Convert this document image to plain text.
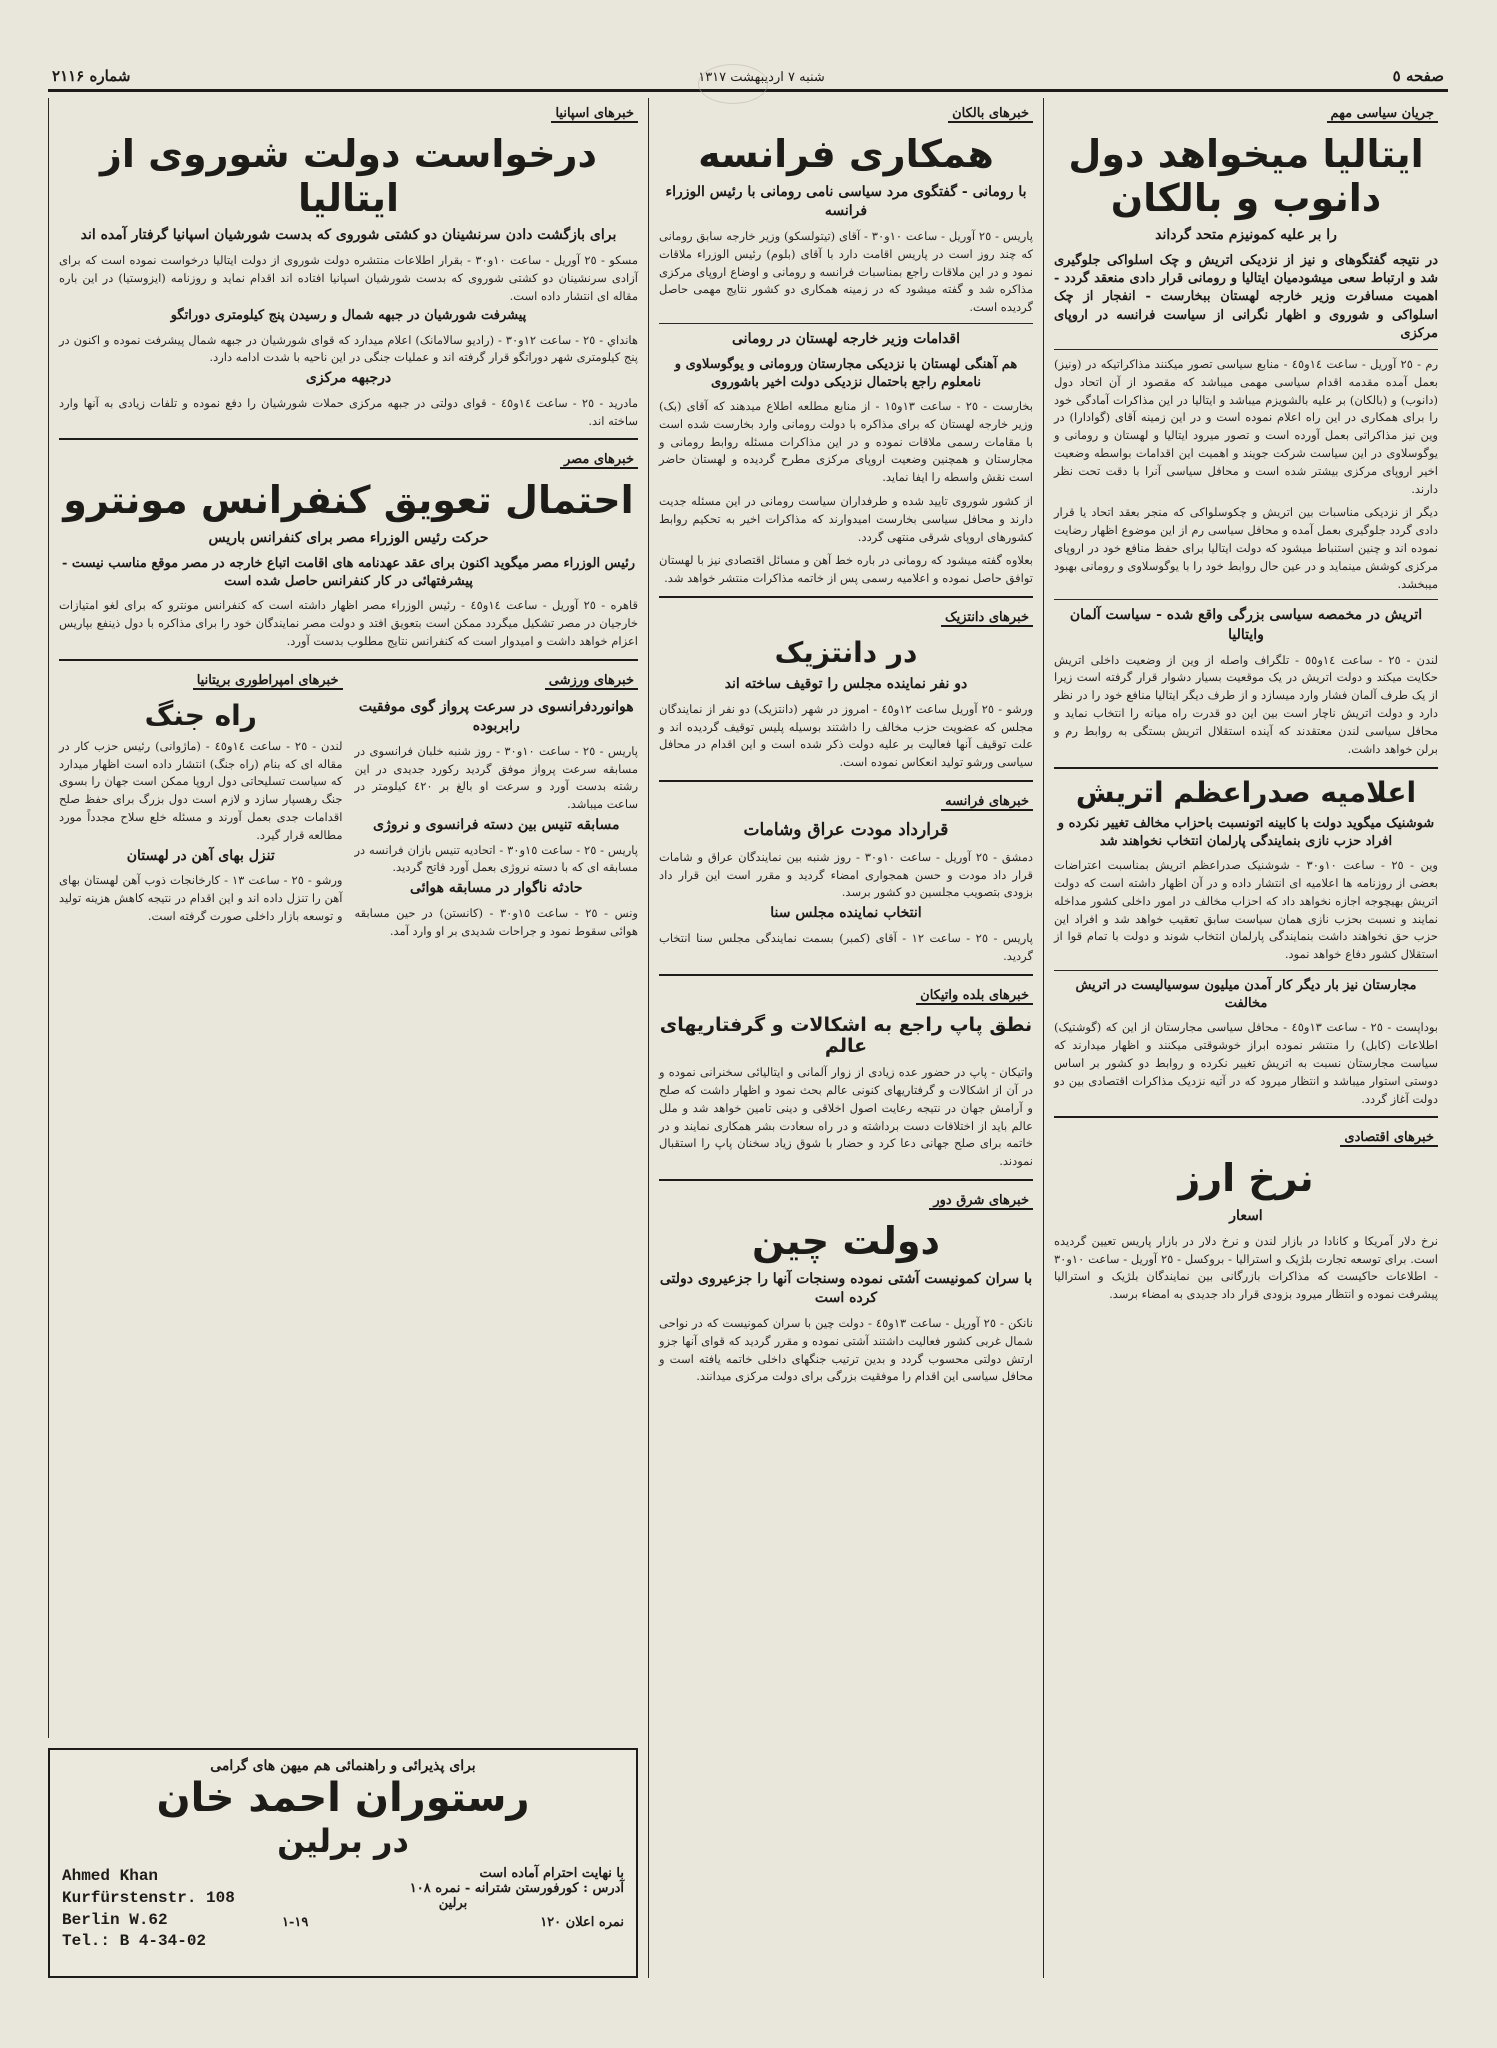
صفحه ٥
شنبه ۷ اردیبهشت ۱۳۱۷
شماره ۲۱۱۶
جریان سیاسی مهم
ایتالیا میخواهد دول دانوب و بالکان
را بر علیه کمونیزم متحد گرداند
در نتیجه گفتگوهای و نیز از نزدیکی اتریش و چک اسلواکی جلوگیری شد و ارتباط سعی میشودمیان ایتالیا و رومانی قرار دادی منعقد گردد - اهمیت مسافرت وزیر خارجه لهستان ببخارست - انفجار از چک اسلواکی و شوروی و اظهار نگرانی از سیاست فرانسه در اروپای مرکزی
رم - ٢٥ آوریل - ساعت ١٤و٤٥ - منابع سیاسی تصور میکنند مذاکراتیکه در (ونیز) بعمل آمده مقدمه اقدام سیاسی مهمی میباشد که مقصود از آن اتحاد دول (دانوب) و (بالکان) بر علیه بالشویزم میباشد و ایتالیا در این مذاکرات آمادگی خود را برای همکاری در این راه اعلام نموده است و در این زمینه آقای (گوادارا) در وین نیز مذاکراتی بعمل آورده است و تصور میرود ایتالیا و لهستان و رومانی و یوگوسلاوی در این سیاست شرکت جویند و اهمیت این اقدامات بواسطه وضعیت اخیر اروپای مرکزی بیشتر شده است و محافل سیاسی آنرا با دقت تحت نظر دارند.
دیگر از نزدیکی مناسبات بین اتریش و چکوسلواکی که منجر بعقد اتحاد یا قرار دادی گردد جلوگیری بعمل آمده و محافل سیاسی رم از این موضوع اظهار رضایت نموده اند و چنین استنباط میشود که دولت ایتالیا برای حفظ منافع خود در اروپای مرکزی کوشش مینماید و در عین حال روابط خود را با یوگوسلاوی و رومانی بهبود میبخشد.
اتریش در مخمصه سیاسی بزرگی واقع شده - سیاست آلمان وایتالیا
لندن - ٢٥ - ساعت ١٤و٥٥ - تلگراف واصله از وین از وضعیت داخلی اتریش حکایت میکند و دولت اتریش در یک موقعیت بسیار دشوار قرار گرفته است زیرا از یک طرف آلمان فشار وارد میسازد و از طرف دیگر ایتالیا منافع خود را در نظر دارد و دولت اتریش ناچار است بین این دو قدرت راه میانه را انتخاب نماید و محافل سیاسی لندن معتقدند که آینده استقلال اتریش بستگی به روابط رم و برلن خواهد داشت.
اعلامیه صدراعظم اتریش
شوشنیک میگوید دولت با کابینه اتونسبت باحزاب مخالف تغییر نکرده و افراد حزب نازی بنمایندگی پارلمان انتخاب نخواهند شد
وین - ٢٥ - ساعت ١٠و٣٠ - شوشنیک صدراعظم اتریش بمناسبت اعتراضات بعضی از روزنامه ها اعلامیه ای انتشار داده و در آن اظهار داشته است که دولت اتریش بهیچوجه اجازه نخواهد داد که احزاب مخالف در امور داخلی کشور مداخله نمایند و نسبت بحزب نازی همان سیاست سابق تعقیب خواهد شد و افراد این حزب حق نخواهند داشت بنمایندگی پارلمان انتخاب شوند و دولت با تمام قوا از استقلال کشور دفاع خواهد نمود.
مجارستان نیز بار دیگر کار آمدن میلیون سوسیالیست در اتریش مخالفت
بوداپست - ٢٥ - ساعت ١٣و٤٥ - محافل سیاسی مجارستان از این که (گوشتیک) اطلاعات (کابل) را منتشر نموده ابراز خوشوقتی میکنند و اظهار میدارند که سیاست مجارستان نسبت به اتریش تغییر نکرده و روابط دو کشور بر اساس دوستی استوار میباشد و انتظار میرود که در آتیه نزدیک مذاکرات اقتصادی بین دو دولت آغاز گردد.
خبرهای اقتصادی
نرخ ارز
اسعار
نرخ دلار آمریکا و کانادا در بازار لندن و نرخ دلار در بازار پاریس تعیین گردیده است. برای توسعه تجارت بلژیک و استرالیا - بروکسل - ٢٥ آوریل - ساعت ١٠و٣٠ - اطلاعات حاکیست که مذاکرات بازرگانی بین نمایندگان بلژیک و استرالیا پیشرفت نموده و انتظار میرود بزودی قرار داد جدیدی به امضاء برسد.
خبرهای بالکان
همکاری فرانسه
با رومانی - گفتگوی مرد سیاسی نامی رومانی با رئیس الوزراء فرانسه
پاریس - ٢٥ آوریل - ساعت ١٠و٣٠ - آقای (تیتولسکو) وزیر خارجه سابق رومانی که چند روز است در پاریس اقامت دارد با آقای (بلوم) رئیس الوزراء ملاقات نمود و در این ملاقات راجع بمناسبات فرانسه و رومانی و اوضاع اروپای مرکزی مذاکره شد و گفته میشود که در زمینه همکاری دو کشور نتایج مهمی حاصل گردیده است.
اقدامات وزیر خارجه لهستان در رومانی
هم آهنگی لهستان با نزدیکی مجارستان ورومانی و یوگوسلاوی و نامعلوم راجع باحتمال نزدیکی دولت اخیر باشوروی
بخارست - ٢٥ - ساعت ١٣و١٥ - از منابع مطلعه اطلاع میدهند که آقای (بک) وزیر خارجه لهستان که برای مذاکره با دولت رومانی وارد بخارست شده است با مقامات رسمی ملاقات نموده و در این مذاکرات مسئله روابط رومانی و مجارستان و همچنین وضعیت اروپای مرکزی مطرح گردیده و لهستان حاضر است نقش واسطه را ایفا نماید.
از کشور شوروی تایید شده و طرفداران سیاست رومانی در این مسئله جدیت دارند و محافل سیاسی بخارست امیدوارند که مذاکرات اخیر به تحکیم روابط کشورهای اروپای شرقی منتهی گردد.
بعلاوه گفته میشود که رومانی در باره خط آهن و مسائل اقتصادی نیز با لهستان توافق حاصل نموده و اعلامیه رسمی پس از خاتمه مذاکرات منتشر خواهد شد.
خبرهای دانتزیک
در دانتزیک
دو نفر نماینده مجلس را توقیف ساخته اند
ورشو - ٢٥ آوریل ساعت ١٢و٤٥ - امروز در شهر (دانتزیک) دو نفر از نمایندگان مجلس که عضویت حزب مخالف را داشتند بوسیله پلیس توقیف گردیده اند و علت توقیف آنها فعالیت بر علیه دولت ذکر شده است و این اقدام در محافل سیاسی ورشو تولید انعکاس نموده است.
خبرهای فرانسه
قرارداد مودت عراق وشامات
دمشق - ٢٥ آوریل - ساعت ١٠و٣٠ - روز شنبه بین نمایندگان عراق و شامات قرار داد مودت و حسن همجواری امضاء گردید و مقرر است این قرار داد بزودی بتصویب مجلسین دو کشور برسد.
انتخاب نماینده مجلس سنا
پاریس - ٢٥ - ساعت ١٢ - آقای (کمبر) بسمت نمایندگی مجلس سنا انتخاب گردید.
خبرهای بلده واتیکان
نطق پاپ راجع به اشکالات و گرفتاریهای عالم
واتیکان - پاپ در حضور عده زیادی از زوار آلمانی و ایتالیائی سخنرانی نموده و در آن از اشکالات و گرفتاریهای کنونی عالم بحث نمود و اظهار داشت که صلح و آرامش جهان در نتیجه رعایت اصول اخلاقی و دینی تامین خواهد شد و ملل عالم باید از اختلافات دست برداشته و در راه سعادت بشر همکاری نمایند و در خاتمه برای صلح جهانی دعا کرد و حضار با شوق زیاد سخنان پاپ را استقبال نمودند.
خبرهای شرق دور
دولت چین
با سران کمونیست آشتی نموده وسنجات آنها را جزعیروی دولتی کرده است
نانکن - ٢٥ آوریل - ساعت ١٣و٤٥ - دولت چین با سران کمونیست که در نواحی شمال غربی کشور فعالیت داشتند آشتی نموده و مقرر گردید که قوای آنها جزو ارتش دولتی محسوب گردد و بدین ترتیب جنگهای داخلی خاتمه یافته است و محافل سیاسی این اقدام را موفقیت بزرگی برای دولت مرکزی میدانند.
خبرهای اسپانیا
درخواست دولت شوروی از ایتالیا
برای بازگشت دادن سرنشینان دو کشتی شوروی که بدست شورشیان اسپانیا گرفتار آمده اند
مسکو - ٢٥ آوریل - ساعت ١٠و٣٠ - بقرار اطلاعات منتشره دولت شوروی از دولت ایتالیا درخواست نموده است که برای آزادی سرنشینان دو کشتی شوروی که بدست شورشیان اسپانیا افتاده اند اقدام نماید و روزنامه (ایزوستیا) در این باره مقاله ای انتشار داده است.
پیشرفت شورشیان در جبهه شمال و رسیدن پنج کیلومتری دوراتگو
هانداي - ٢٥ - ساعت ١٢و٣٠ - (رادیو سالامانک) اعلام میدارد که قوای شورشیان در جبهه شمال پیشرفت نموده و اکنون در پنج کیلومتری شهر دوراتگو قرار گرفته اند و عملیات جنگی در این ناحیه با شدت ادامه دارد.
درجبهه مرکزی
مادرید - ٢٥ - ساعت ١٤و٤٥ - قوای دولتی در جبهه مرکزی حملات شورشیان را دفع نموده و تلفات زیادی به آنها وارد ساخته اند.
خبرهای مصر
احتمال تعویق کنفرانس مونترو
حرکت رئیس الوزراء مصر برای کنفرانس باریس
رئیس الوزراء مصر میگوید اکنون برای عقد عهدنامه های اقامت اتباع خارجه در مصر موقع مناسب نیست - پیشرفتهائی در کار کنفرانس حاصل شده است
قاهره - ٢٥ آوریل - ساعت ١٤و٤٥ - رئیس الوزراء مصر اظهار داشته است که کنفرانس مونترو که برای لغو امتیازات خارجیان در مصر تشکیل میگردد ممکن است بتعویق افتد و دولت مصر نمایندگان خود را برای مذاکره با دول ذینفع بپاریس اعزام خواهد داشت و امیدوار است که کنفرانس نتایج مطلوب بدست آورد.
خبرهای ورزشی
هوانوردفرانسوی در سرعت پرواز گوی موفقیت رابربوده
پاریس - ٢٥ - ساعت ١٠و٣٠ - روز شنبه خلبان فرانسوی در مسابقه سرعت پرواز موفق گردید رکورد جدیدی در این رشته بدست آورد و سرعت او بالغ بر ٤٢٠ کیلومتر در ساعت میباشد.
مسابقه تنیس بین دسته فرانسوی و نروژی
پاریس - ٢٥ - ساعت ١٥و٣٠ - اتحادیه تنیس بازان فرانسه در مسابقه ای که با دسته نروژی بعمل آورد فاتح گردید.
حادثه ناگوار در مسابقه هوائی
ونس - ٢٥ - ساعت ١٥و٣٠ - (کانستن) در حین مسابقه هوائی سقوط نمود و جراحات شدیدی بر او وارد آمد.
خبرهای امپراطوری بریتانیا
راه جنگ
لندن - ٢٥ - ساعت ١٤و٤٥ - (ماژوانی) رئیس حزب کار در مقاله ای که بنام (راه جنگ) انتشار داده است اظهار میدارد که سیاست تسلیحاتی دول اروپا ممکن است جهان را بسوی جنگ رهسپار سازد و لازم است دول بزرگ برای حفظ صلح اقدامات جدی بعمل آورند و مسئله خلع سلاح مجدداً مورد مطالعه قرار گیرد.
تنزل بهای آهن در لهستان
ورشو - ٢٥ - ساعت ١٣ - کارخانجات ذوب آهن لهستان بهای آهن را تنزل داده اند و این اقدام در نتیجه کاهش هزینه تولید و توسعه بازار داخلی صورت گرفته است.
برای پذیرائی و راهنمائی هم میهن های گرامی
رستوران احمد خان
در برلین
با نهایت احترام آماده است
آدرس : کورفورستن شترانه - نمره ۱۰۸
برلین
نمره اعلان ۱۲۰
۱-۱۹
Ahmed Khan
Kurfürstenstr. 108
Berlin W.62
Tel.: B 4-34-02
